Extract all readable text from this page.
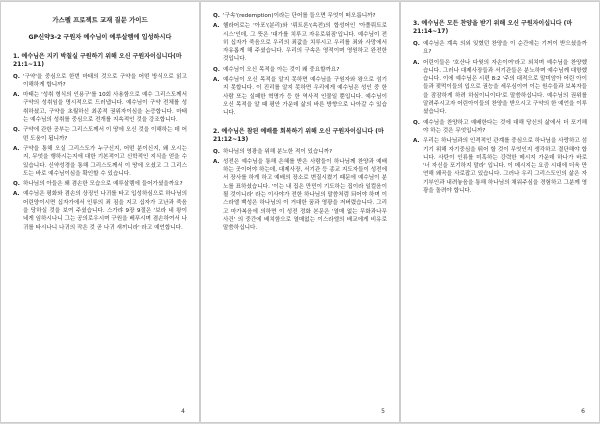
가스펠 프로젝트 교재 질문 가이드
GP신약3-2 구원자 예수님이 예루살렘에 입성하시다
1. 예수님은 지키 박칠실 구원하기 위해 오신 구원자이십니다(마21:1~11)
Q. '구약'을 중심으로 한번 마태의 것으로 구약을 어떤 방식으로 읽고 이해하게 합니까?

A. 마태는 '성취 형식의 인용구'를 10회 사용함으로 예수 그리스도께서 구약의 성취임을 명시적으로 드러냅니다. 예수님이 구약 전체를 성취하셨고, 구약을 초월하신 최종적 권위자이심을 논증합니다. 마태는 예수님의 성취를 중심으로 전개를 지속적인 것을 강조합니다.

Q. 구약에 관한 공부는 그리스도께서 이 땅에 오신 것을 이해하는 데 어떤 도움이 됩니까?

A. 구약을 통해 오실 그리스도가 누구신지, 어떤 분이신지, 왜 오시는지, 무엇을 행하시는지에 대한 기본적이고 신학적인 지식을 얻을 수 있습니다. 신약성경을 통해 그리스도께서 이 땅에 오셨고 그 그리스도는 바로 예수님이심을 확인할 수 있습니다.

Q. 하나님의 아들은 왜 겸손한 모습으로 예루살렘에 들어가셨을까요?

A. 예수님은 평화와 겸손의 상징인 나귀를 타고 입성하심으로 하나님의 어린양이시면 십자가에서 인류의 죄 짐을 지고 십자가 고난과 죽음을 당하실 것을 보여 주셨습니다. 스가랴 9장 9절은 '보라 네 왕이 네게 임하시나니 그는 공의로우시며 구원을 베푸시며 겸손하여서 나귀를 타시나니 나귀의 작은 것 곧 나귀 새끼니라' 라고 예언합니다.

4
Q. '구속'(redemption)이라는 단어를 들으면 무엇이 떠오릅니까?

A. 헬라어로는 '아포'(분리)와 '뤼트론'(속전)의 합성어인 '아폴뤼트로시스'인데, 그 뜻은 '대가를 치루고 자유로워짐'입니다. 예수님이 전히 십자가 죽음으로 우리의 죄값을 치루시고 우리를 죄와 사망에서 자유롭게 해 주셨습니다. 우리의 구속은 영적이며 영원하고 완전한 것입니다.

Q. 예수님이 오신 목적을 아는 것이 왜 중요할까요?

A. 예수님이 오신 목적을 알지 못하면 예수님을 구원자와 왕으로 섬기지 못합니다. 이 진리를 알지 못하면 우리에게 예수님은 성인 중 한 사람 또는 실패한 혁명가 등 한 역사적 인물일 뿐입니다. 예수님이 오신 목적을 알 때 평안 가운데 삶의 바른 방향으로 나아갈 수 있습니다.

2. 예수님은 참된 예배를 회복하기 위해 오신 구원자이십니다 (마 21:12~13)
Q. 하나님의 영광을 위해 분노한 적이 있습니까?

A. 성전은 예수님을 통해 은혜를 받은 사람들이 하나님께 찬양과 예배하는 곳이어야 하는데, 대제사장, 서기관 등 종교 지도자들이 성전에서 장사를 하게 하고 예배의 장소로 변질시켰기 때문에 예수님이 분노를 표하셨습니다. '이는 내 집은 만민이 기도하는 집이라 일컬음이 될 것이니라' 라는 이사야가 전한 하나님의 말씀처럼 되어야 하며 이스라엘 백성은 하나님의 이 거대한 꿈과 영광을 저버렸습니다. 그리고 마가복음에 의하면 이 성전 정화 본문은 '열매 없는 무화과나무 사건' 의 중간에 배치함으로 열매없는 이스라엘의 배교에게 비유로 말씀하십니다.

5
3. 예수님은 모든 찬양을 받기 위해 오신 구원자이십니다 (마 21:14~17)
Q. 예수님은 계속 의외 잊혔던 찬양을 이 순간에는 기꺼이 받으셨을까요?

A. 어린이들은 '호산나 다윗의 자손이여'라고 외치며 예수님을 찬양했습니다. 그러나 대제사장들과 서기관들은 분노하며 예수님께 대항했습니다. 이에 예수님은 시편 8:2 '주의 대적으로 말미암아 어린 아이들과 젖먹이들의 입으로 권능을 세우심이여 이는 원수들과 보복자들을 잠잠하게 하려 하심이니이다'로 말씀하십니다. 예수님의 권위를 알려주시고자 어린아이들의 찬양을 받으시고 구약의 한 예언을 이루셨습니다.

Q. 예수님을 찬양하고 예배한다는 것에 대해 당신의 삶에서 더 포기해야 하는 것은 무엇입니까?

A. 우리는 하나님과의 인격적인 관계를 중심으로 하나님을 사랑하고 섬기기 위해 자기중심을 뛰어 할 것이 무엇인지 생각하고 결단해야 합니다. 사탄이 인류를 미혹하는 강력한 메시지 가운데 하나가 바로 '너 자신을 포기하지 말라' 입니다. 이 메시지는 요즘 시대에 더욱 만연해 왜곡을 사로잡고 있습니다. 그러나 우리 그리스도인의 삶은 자기부인과 내려놓음을 통해 하나님의 채워주심을 경험하고 그분께 영광을 돌려야 합니다.

6
